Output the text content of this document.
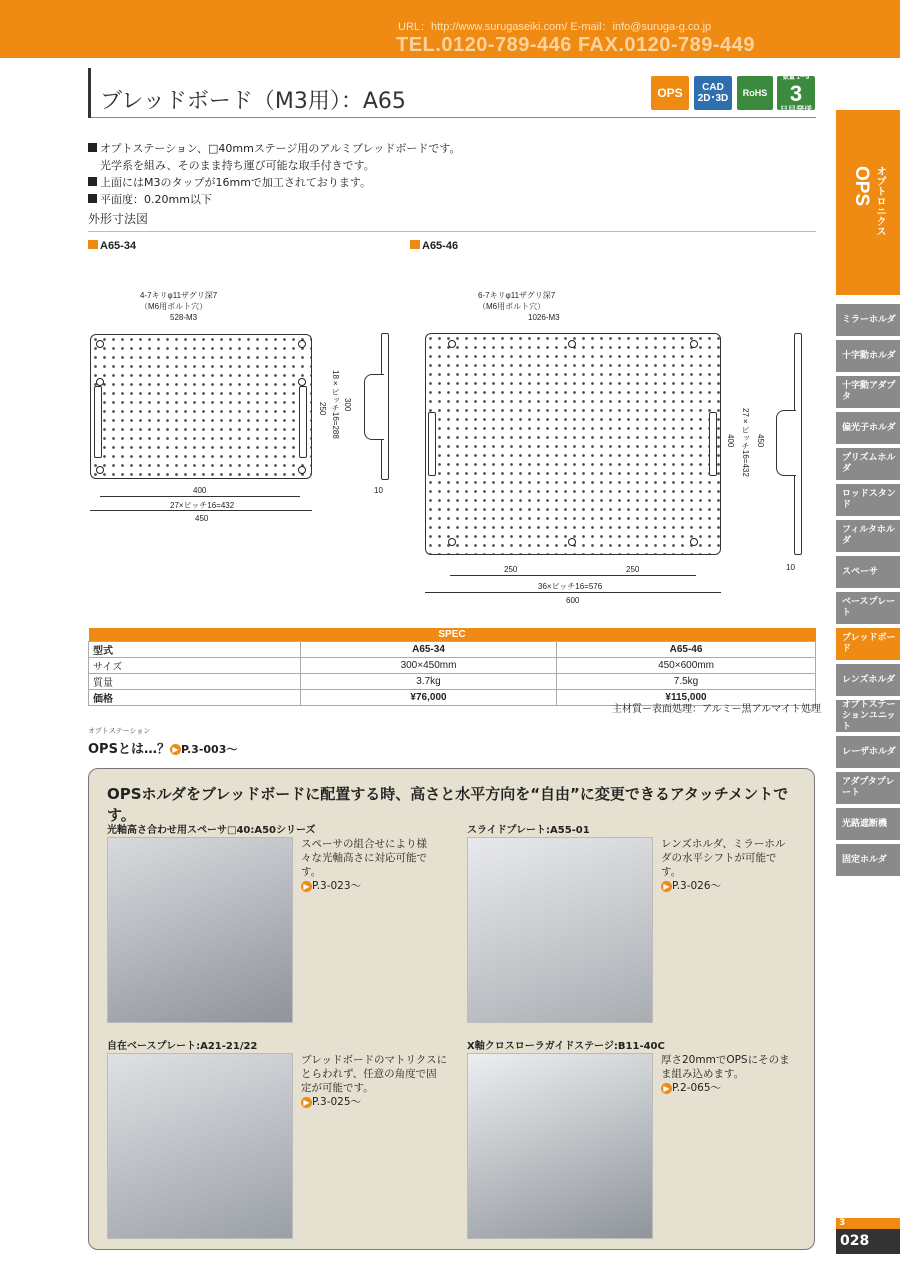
URL：http://www.surugaseiki.com/ E-mail：info@suruga-g.co.jp
TEL.0120-789-446 FAX.0120-789-449
ブレッドボード（M3用）：A65	OPS	CAD
2D･3D	RoHS
数量 1〜9
3
日目発送
オプトステーション、□40mmステージ用のアルミブレッドボードです。
光学系を組み、そのまま持ち運び可能な取手付きです。
上面にはM3のタップが16mmで加工されております。
平面度：0.20mm以下
外形寸法図
A65-34
4-7キリφ11ザグリ深7
（M6用ボルト穴）
528-M3
250 18×ピッチ16=288 300
10
400
27×ピッチ16=432
450
A65-46
6-7キリφ11ザグリ深7
（M6用ボルト穴）
1026-M3
400 27×ピッチ16=432 450
10
250	250
36×ピッチ16=576
600
SPEC		
型式	A65-34	A65-46
サイズ	300×450mm	450×600mm
質量	3.7kg	7.5kg
価格	¥76,000	¥115,000
主材質ー表面処理：アルミー黒アルマイト処理
オプトステーション
OPSとは…？ ▶ P.3-003〜
OPSホルダをブレッドボードに配置する時、高さと水平方向を“自由”に変更できるアタッチメントです。
光軸高さ合わせ用スペーサ□40:A50シリーズ
スペーサの組合せにより様
々な光軸高さに対応可能で
す。
▶ P.3-023〜
スライドプレート:A55-01
レンズホルダ、ミラーホル
ダの水平シフトが可能で
す。
▶ P.3-026〜
自在ベースプレート:A21-21/22
ブレッドボードのマトリクスに
とらわれず、任意の角度で固
定が可能です。
▶ P.3-025〜
X軸クロスローラガイドステージ:B11-40C
厚さ20mmでOPSにそのま
ま組み込めます。
▶ P.2-065〜
オプトロニクス
OPS
ミラーホルダ
十字動ホルダ
十字動アダプタ
偏光子ホルダ
プリズムホルダ
ロッドスタンド
フィルタホルダ
スペーサ
ベースプレート
ブレッドボード
レンズホルダ
オプトステーションユニット
レーザホルダ
アダプタプレート
光路遮断機
固定ホルダ
3
028
